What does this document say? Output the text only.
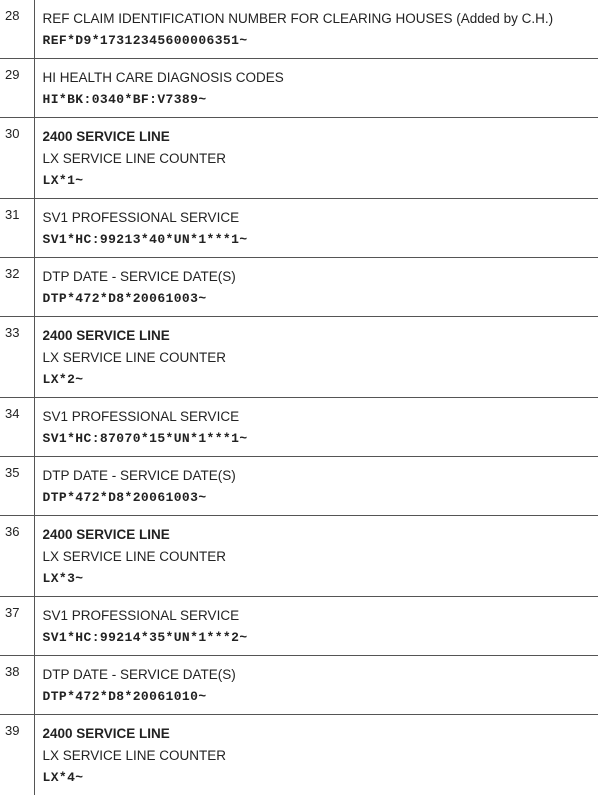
28	REF CLAIM IDENTIFICATION NUMBER FOR CLEARING HOUSES (Added by C.H.)
REF*D9*17312345600006351~

29	HI HEALTH CARE DIAGNOSIS CODES
HI*BK:0340*BF:V7389~

30	2400 SERVICE LINE
LX SERVICE LINE COUNTER
LX*1~

31	SV1 PROFESSIONAL SERVICE
SV1*HC:99213*40*UN*1***1~

32	DTP DATE - SERVICE DATE(S)
DTP*472*D8*20061003~

33	2400 SERVICE LINE
LX SERVICE LINE COUNTER
LX*2~

34	SV1 PROFESSIONAL SERVICE
SV1*HC:87070*15*UN*1***1~

35	DTP DATE - SERVICE DATE(S)
DTP*472*D8*20061003~

36	2400 SERVICE LINE
LX SERVICE LINE COUNTER
LX*3~

37	SV1 PROFESSIONAL SERVICE
SV1*HC:99214*35*UN*1***2~

38	DTP DATE - SERVICE DATE(S)
DTP*472*D8*20061010~

39	2400 SERVICE LINE
LX SERVICE LINE COUNTER
LX*4~
